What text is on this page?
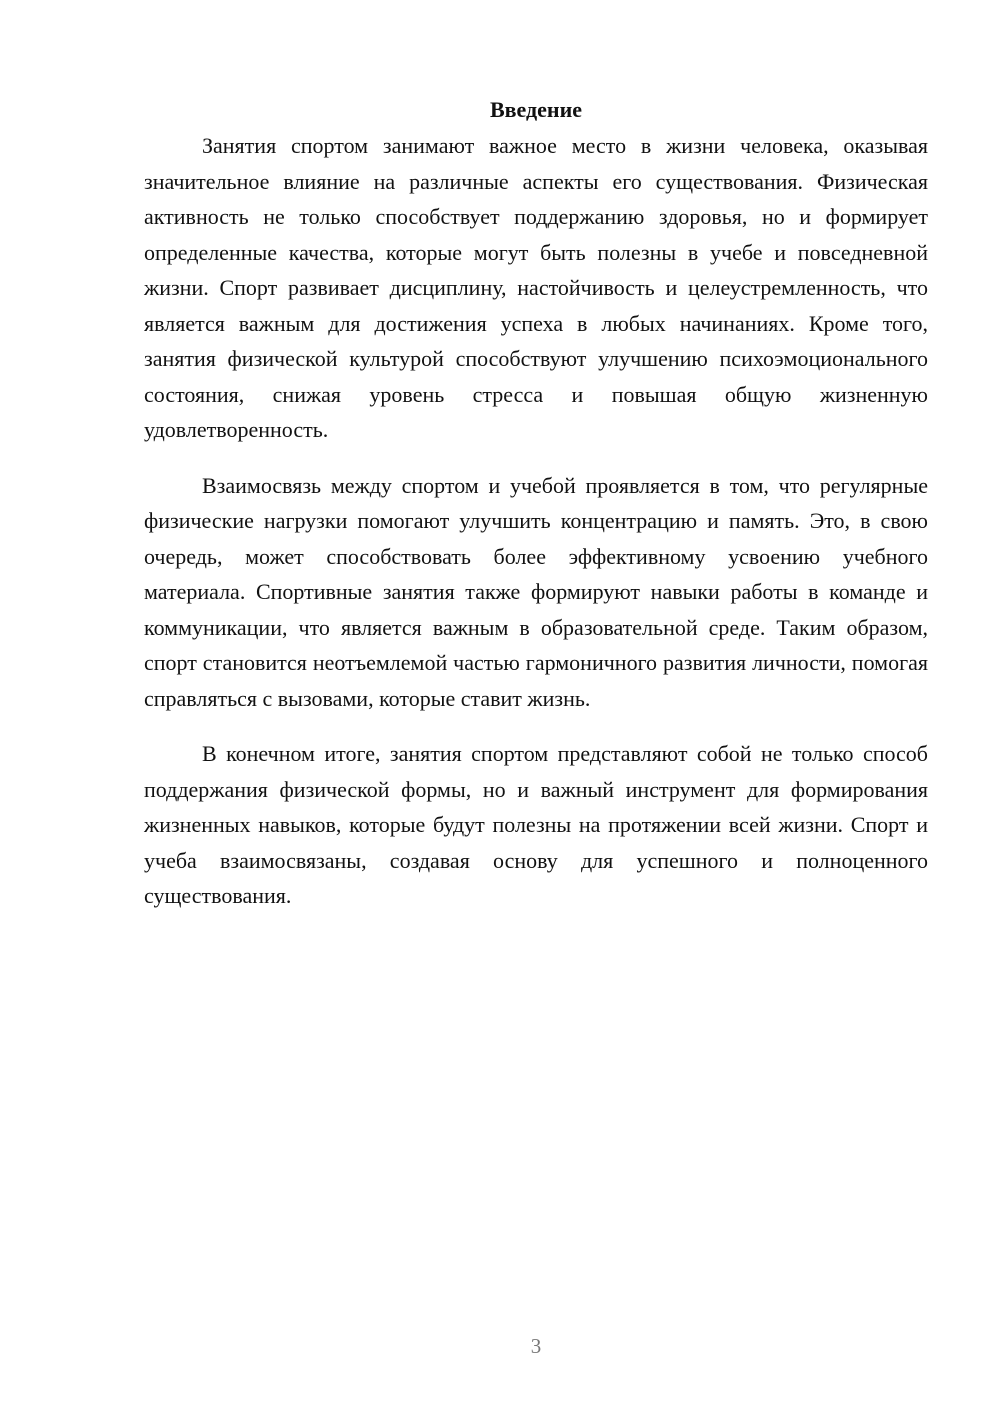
Введение

Занятия спортом занимают важное место в жизни человека, оказывая значительное влияние на различные аспекты его существования. Физическая активность не только способствует поддержанию здоровья, но и формирует определенные качества, которые могут быть полезны в учебе и повседневной жизни. Спорт развивает дисциплину, настойчивость и целеустремленность, что является важным для достижения успеха в любых начинаниях. Кроме того, занятия физической культурой способствуют улучшению психоэмоционального состояния, снижая уровень стресса и повышая общую жизненную удовлетворенность.

Взаимосвязь между спортом и учебой проявляется в том, что регулярные физические нагрузки помогают улучшить концентрацию и память. Это, в свою очередь, может способствовать более эффективному усвоению учебного материала. Спортивные занятия также формируют навыки работы в команде и коммуникации, что является важным в образовательной среде. Таким образом, спорт становится неотъемлемой частью гармоничного развития личности, помогая справляться с вызовами, которые ставит жизнь.

В конечном итоге, занятия спортом представляют собой не только способ поддержания физической формы, но и важный инструмент для формирования жизненных навыков, которые будут полезны на протяжении всей жизни. Спорт и учеба взаимосвязаны, создавая основу для успешного и полноценного существования.

3
